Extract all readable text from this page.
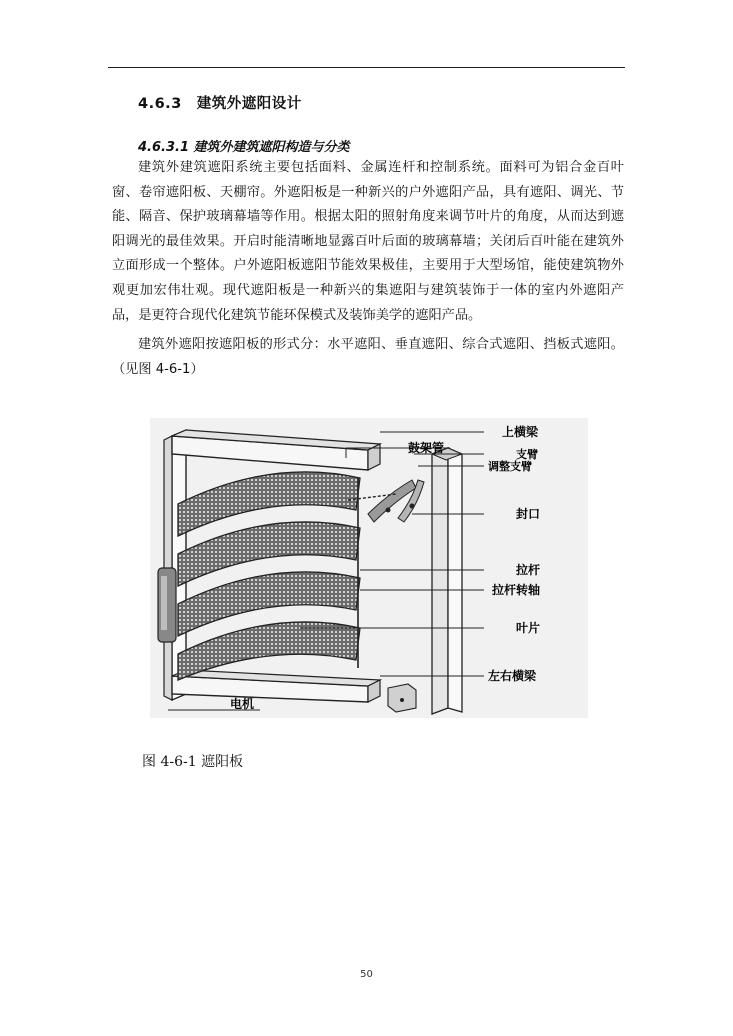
4.6.3　建筑外遮阳设计
4.6.3.1 建筑外建筑遮阳构造与分类
建筑外建筑遮阳系统主要包括面料、金属连杆和控制系统。面料可为铝合金百叶窗、卷帘遮阳板、天棚帘。外遮阳板是一种新兴的户外遮阳产品，具有遮阳、调光、节能、隔音、保护玻璃幕墙等作用。根据太阳的照射角度来调节叶片的角度，从而达到遮阳调光的最佳效果。开启时能清晰地显露百叶后面的玻璃幕墙；关闭后百叶能在建筑外立面形成一个整体。户外遮阳板遮阳节能效果极佳，主要用于大型场馆，能使建筑物外观更加宏伟壮观。现代遮阳板是一种新兴的集遮阳与建筑装饰于一体的室内外遮阳产品，是更符合现代化建筑节能环保模式及装饰美学的遮阳产品。
建筑外遮阳按遮阳板的形式分：水平遮阳、垂直遮阳、综合式遮阳、挡板式遮阳。（见图 4-6-1）
上横梁
鼓架管	支臂
调整支臂
封口
拉杆
拉杆转轴
叶片
左右横梁
电机
图 4-6-1 遮阳板
50
